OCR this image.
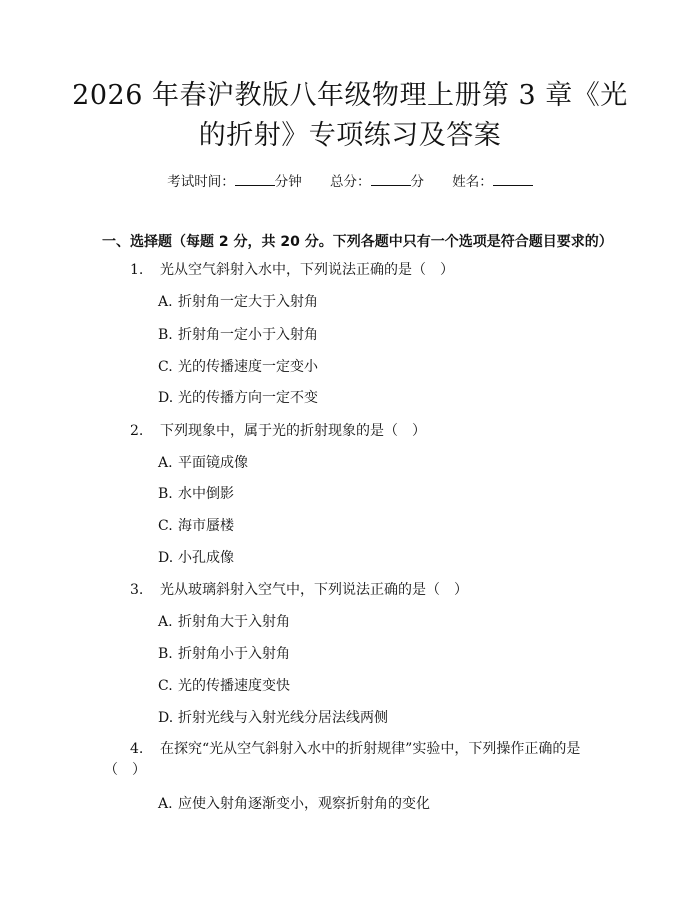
2026 年春沪教版八年级物理上册第 3 章《光
的折射》专项练习及答案
考试时间：	分钟 总分：	分 姓名：
一、选择题（每题 2 分，共 20 分。下列各题中只有一个选项是符合题目要求的）
1. 光从空气斜射入水中，下列说法正确的是（　）
A. 折射角一定大于入射角
B. 折射角一定小于入射角
C. 光的传播速度一定变小
D. 光的传播方向一定不变
2. 下列现象中，属于光的折射现象的是（　）
A. 平面镜成像
B. 水中倒影
C. 海市蜃楼
D. 小孔成像
3. 光从玻璃斜射入空气中，下列说法正确的是（　）
A. 折射角大于入射角
B. 折射角小于入射角
C. 光的传播速度变快
D. 折射光线与入射光线分居法线两侧
4. 在探究“光从空气斜射入水中的折射规律”实验中，下列操作正确的是
（　）
A. 应使入射角逐渐变小，观察折射角的变化
